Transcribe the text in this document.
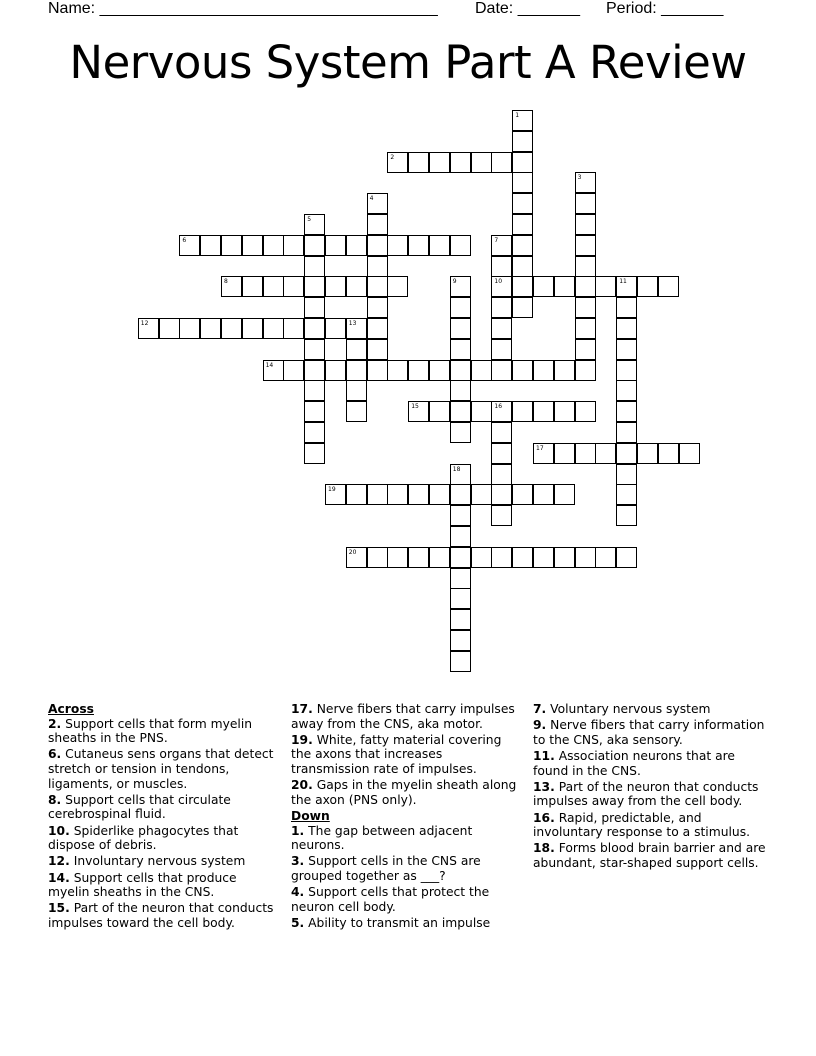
Name: ______________________________________ Date: _______ Period: _______
Nervous System Part A Review
1
2
3
4
5
6	7
10
8	9	11
12	13
14
15	16
17
18
19
20
Across
2. Support cells that form myelin sheaths in the PNS.
6. Cutaneus sens organs that detect stretch or tension in tendons, ligaments, or muscles.
8. Support cells that circulate cerebrospinal fluid.
10. Spiderlike phagocytes that dispose of debris.
12. Involuntary nervous system
14. Support cells that produce myelin sheaths in the CNS.
15. Part of the neuron that conducts impulses toward the cell body.
17. Nerve fibers that carry impulses away from the CNS, aka motor.
19. White, fatty material covering the axons that increases transmission rate of impulses.
20. Gaps in the myelin sheath along the axon (PNS only).
Down
1. The gap between adjacent neurons.
3. Support cells in the CNS are grouped together as ___?
4. Support cells that protect the neuron cell body.
5. Ability to transmit an impulse
7. Voluntary nervous system
9. Nerve fibers that carry information to the CNS, aka sensory.
11. Association neurons that are found in the CNS.
13. Part of the neuron that conducts impulses away from the cell body.
16. Rapid, predictable, and involuntary response to a stimulus.
18. Forms blood brain barrier and are abundant, star-shaped support cells.
